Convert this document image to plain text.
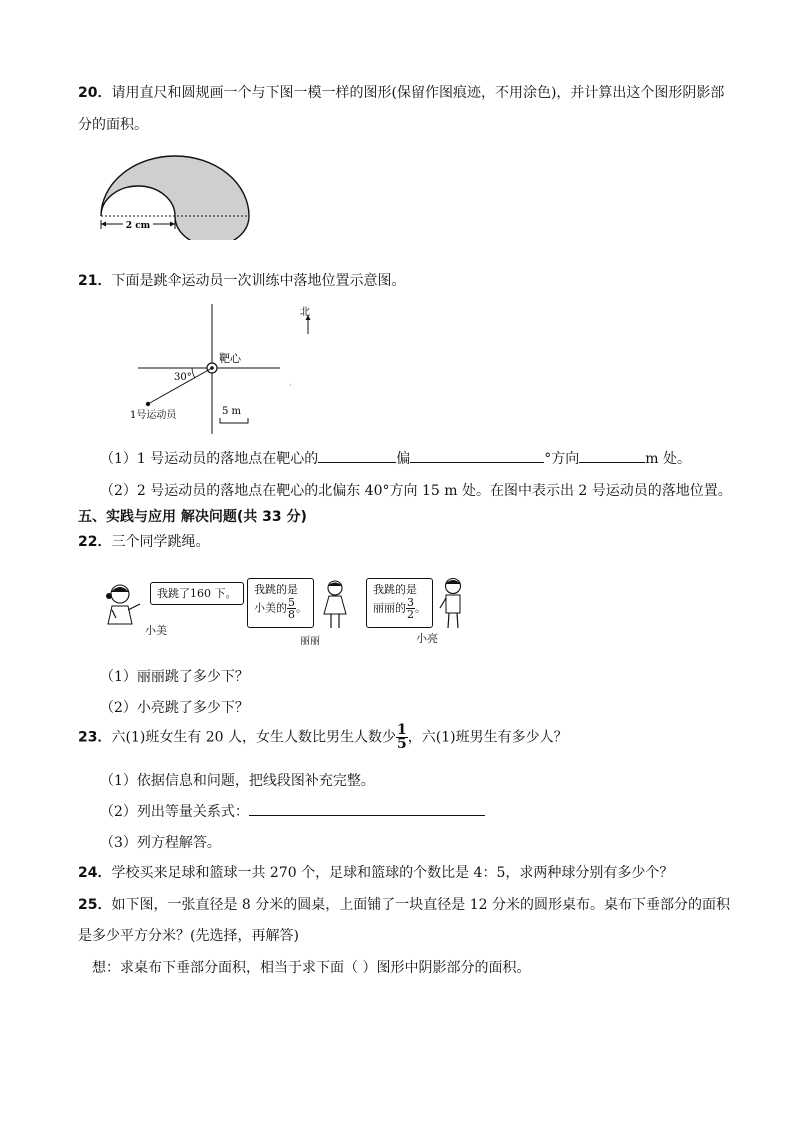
20．请用直尺和圆规画一个与下图一模一样的图形(保留作图痕迹，不用涂色)，并计算出这个图形阴影部
分的面积。
2 cm
21．下面是跳伞运动员一次训练中落地位置示意图。
30°
靶心
1号运动员
北
5 m
（1）1 号运动员的落地点在靶心的	偏	°方向	m 处。
（2）2 号运动员的落地点在靶心的北偏东 40°方向 15 m 处。在图中表示出 2 号运动员的落地位置。
五、实践与应用 解决问题(共 33 分)
22．三个同学跳绳。
我跳了160 下。
小美
我跳的是
小美的 $\frac{5}{8}$ 。
丽丽
我跳的是
丽丽的 $\frac{3}{2}$ 。
小亮
（1）丽丽跳了多少下？
（2）小亮跳了多少下？
23．六(1)班女生有 20 人，女生人数比男生人数少 $\frac{1}{5}$ ，六(1)班男生有多少人？
（1）依据信息和问题，把线段图补充完整。
（2）列出等量关系式：
（3）列方程解答。
24．学校买来足球和篮球一共 270 个，足球和篮球的个数比是 4：5，求两种球分别有多少个？
25．如下图，一张直径是 8 分米的圆桌，上面铺了一块直径是 12 分米的圆形桌布。桌布下垂部分的面积
是多少平方分米？(先选择，再解答)
想：求桌布下垂部分面积，相当于求下面（ ）图形中阴影部分的面积。
